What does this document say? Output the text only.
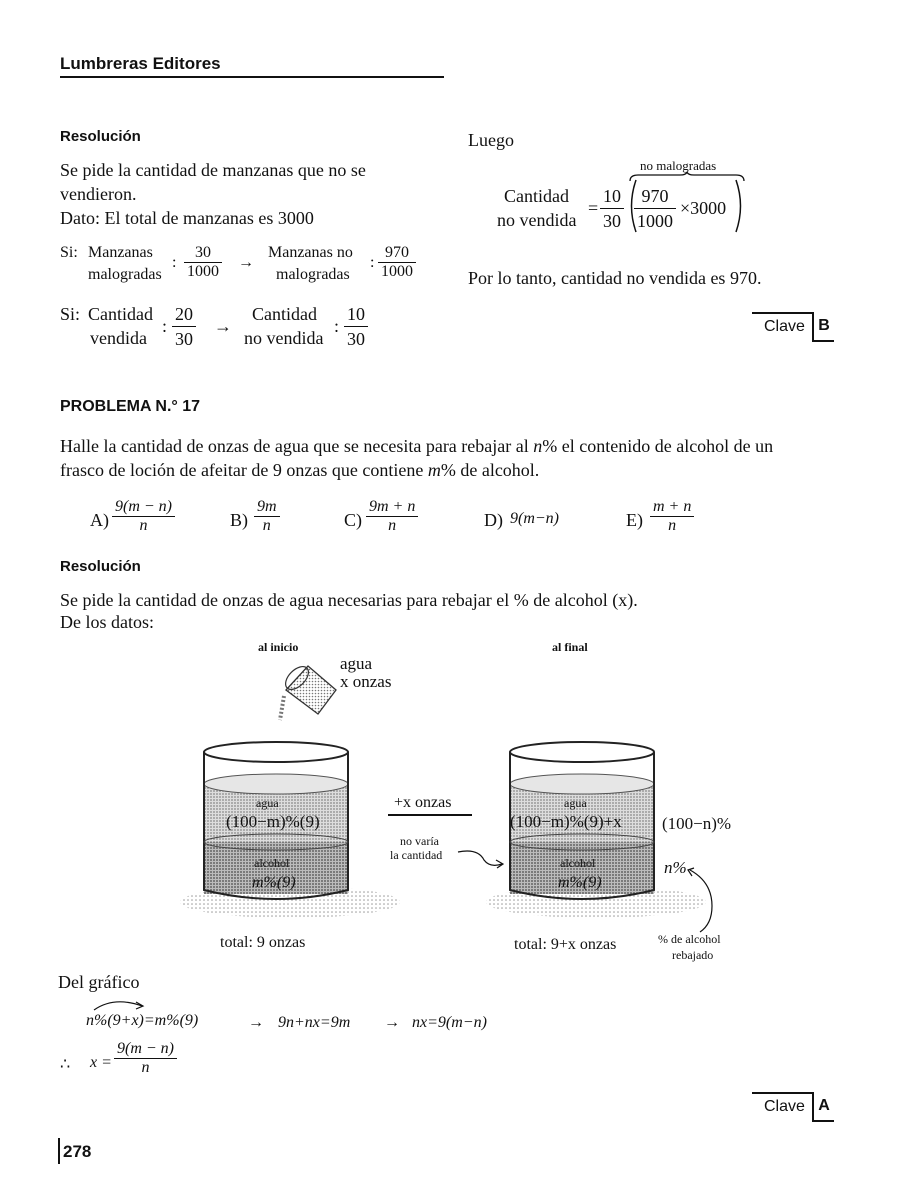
Lumbreras Editores
Resolución
Se pide la cantidad de manzanas que no se
vendieron.
Dato: El total de manzanas es 3000
Si: Manzanas
malogradas
: $\frac{30}{1000}$ →
Manzanas no
malogradas
: $\frac{970}{1000}$
Si: Cantidad
vendida
: $\frac{20}{30}$ →
Cantidad
no vendida
: $\frac{10}{30}$
Luego
no malogradas
Cantidad
no vendida
= $\frac{10}{30} \frac{970}{1000} \times 3000$
Por lo tanto, cantidad no vendida es 970.
Clave B
PROBLEMA N.° 17
Halle la cantidad de onzas de agua que se necesita para rebajar al n% el contenido de alcohol de un
frasco de loción de afeitar de 9 onzas que contiene m% de alcohol.
$A) \frac{9(m - n)}{n}$	$B) \frac{9m}{n}$	$C) \frac{9m + n}{n}$	D) 9(m−n)	$E) \frac{m + n}{n}$
Resolución
Se pide la cantidad de onzas de agua necesarias para rebajar el % de alcohol (x).
De los datos:
al inicio	al final
agua
x onzas
agua
(100−m)%(9)
alcohol
m%(9)
total: 9 onzas
+x onzas
no varía
la cantidad
agua
(100−m)%(9)+x (100−n)%
alcohol
m%(9)
n%
total: 9+x onzas	% de alcohol
rebajado
Del gráfico
n%(9+x)=m%(9)	→ 9n+nx=9m → nx=9(m−n)
∴ $x = \frac{9(m - n)}{n}$
Clave A
278
